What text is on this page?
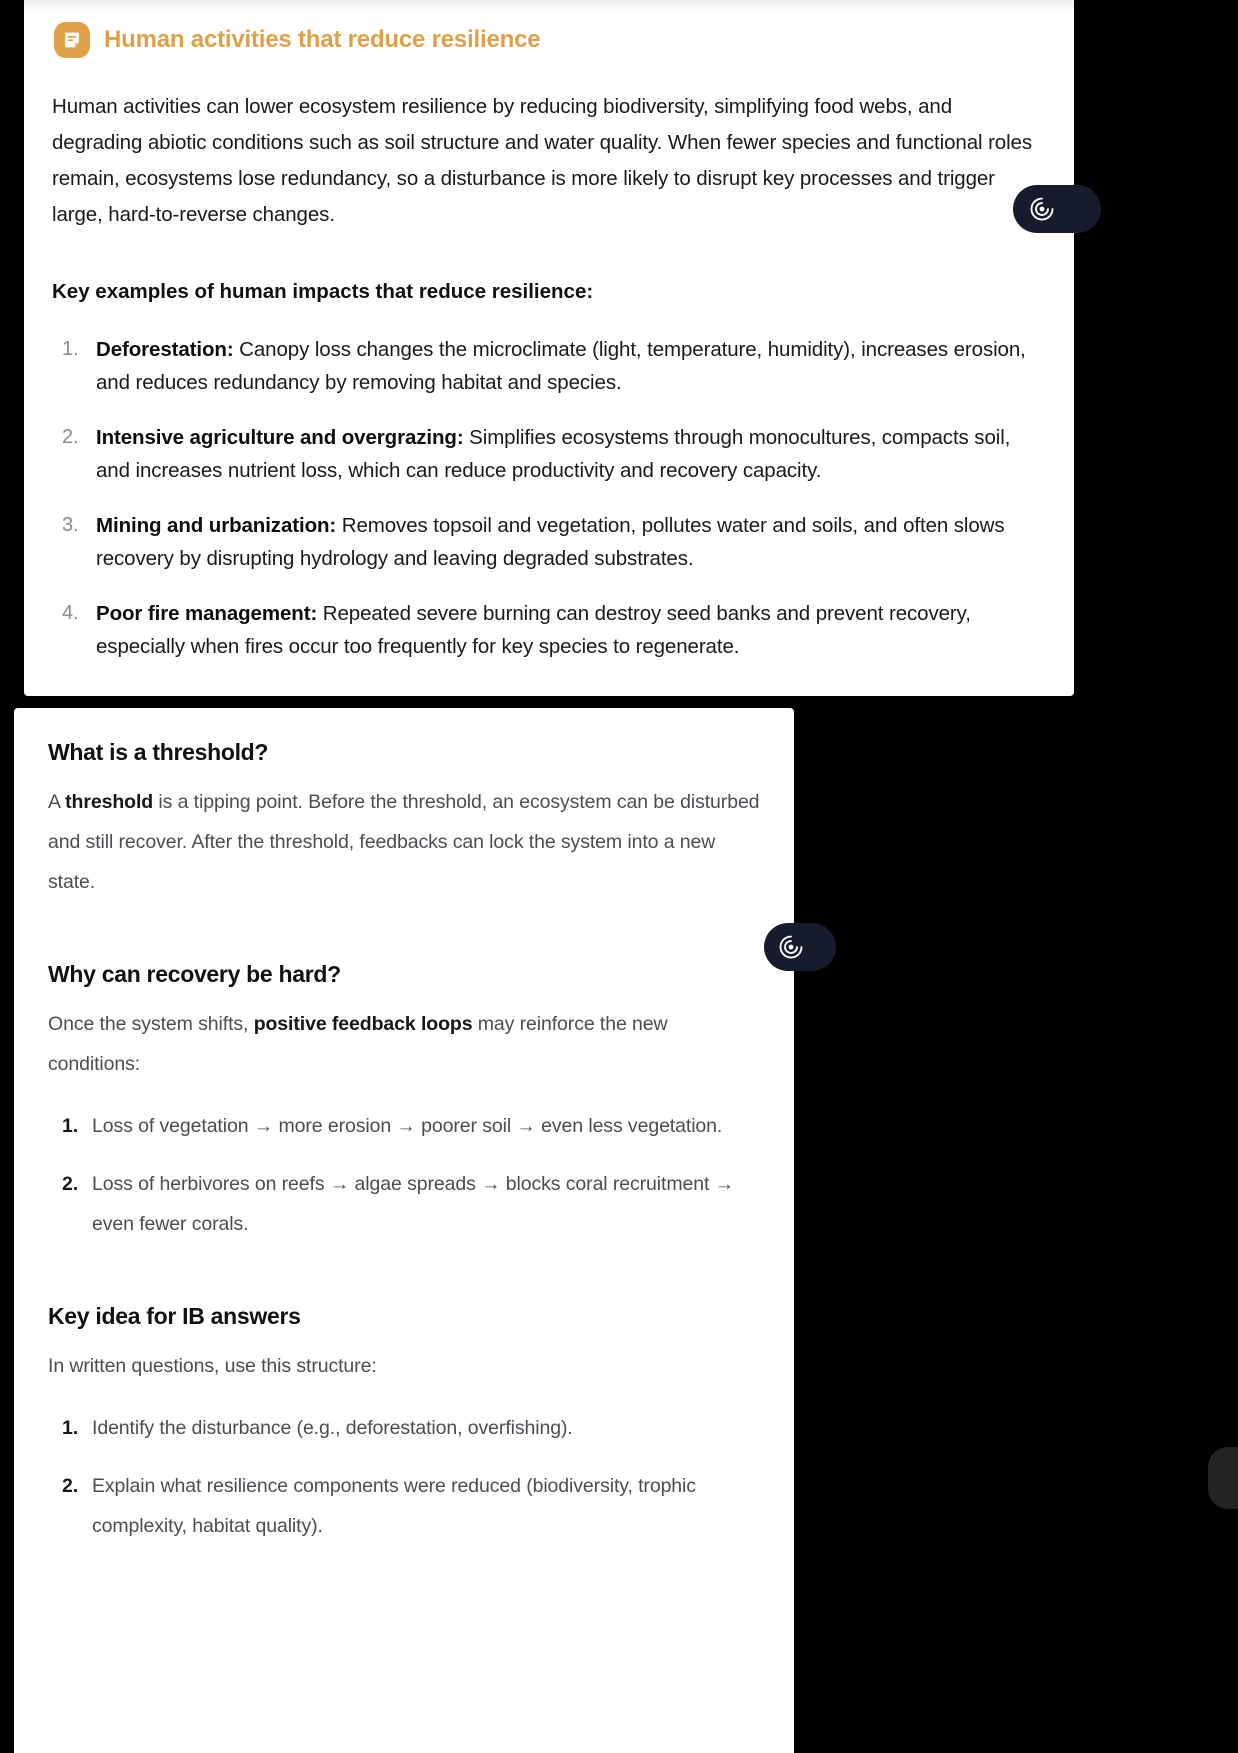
Human activities that reduce resilience

Human activities can lower ecosystem resilience by reducing biodiversity, simplifying food webs, and degrading abiotic conditions such as soil structure and water quality. When fewer species and functional roles remain, ecosystems lose redundancy, so a disturbance is more likely to disrupt key processes and trigger large, hard-to-reverse changes.

Key examples of human impacts that reduce resilience:

Deforestation: Canopy loss changes the microclimate (light, temperature, humidity), increases erosion, and reduces redundancy by removing habitat and species.
Intensive agriculture and overgrazing: Simplifies ecosystems through monocultures, compacts soil, and increases nutrient loss, which can reduce productivity and recovery capacity.
Mining and urbanization: Removes topsoil and vegetation, pollutes water and soils, and often slows recovery by disrupting hydrology and leaving degraded substrates.
Poor fire management: Repeated severe burning can destroy seed banks and prevent recovery, especially when fires occur too frequently for key species to regenerate.
What is a threshold?

A threshold is a tipping point. Before the threshold, an ecosystem can be disturbed and still recover. After the threshold, feedbacks can lock the system into a new state.

Why can recovery be hard?

Once the system shifts, positive feedback loops may reinforce the new conditions:

Loss of vegetation → more erosion → poorer soil → even less vegetation.
Loss of herbivores on reefs → algae spreads → blocks coral recruitment → even fewer corals.
Key idea for IB answers

In written questions, use this structure:

Identify the disturbance (e.g., deforestation, overfishing).
Explain what resilience components were reduced (biodiversity, trophic complexity, habitat quality).
